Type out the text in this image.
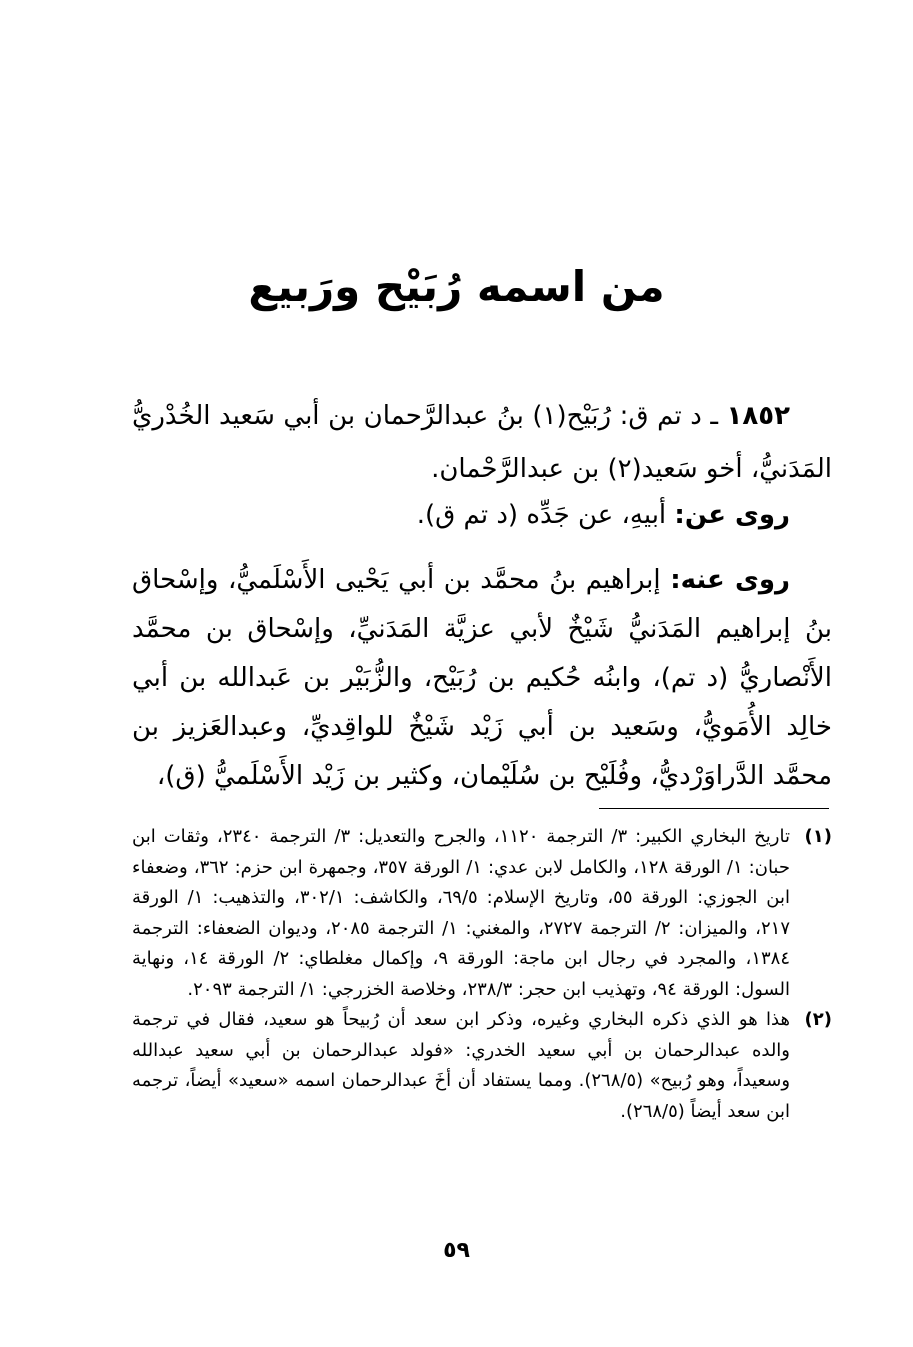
من اسمه رُبَيْح ورَبيع
١٨٥٢ ـ د تم ق: رُبَيْح(١) بنُ عبدالرَّحمان بن أبي سَعيد الخُدْريُّ المَدَنيُّ، أخو سَعيد(٢) بن عبدالرَّحْمان.
روى عن: أبيهِ، عن جَدِّه (د تم ق).
روى عنه: إبراهيم بنُ محمَّد بن أبي يَحْيى الأَسْلَميُّ، وإسْحاق بنُ إبراهيم المَدَنيُّ شَيْخٌ لأبي عزيَّة المَدَنيِّ، وإسْحاق بن محمَّد الأَنْصاريُّ (د تم)، وابنُه حُكيم بن رُبَيْح، والزُّبَيْر بن عَبدالله بن أبي خالِد الأُمَويُّ، وسَعيد بن أبي زَيْد شَيْخٌ للواقِديِّ، وعبدالعَزيز بن محمَّد الدَّراوَرْديُّ، وفُلَيْح بن سُلَيْمان، وكثير بن زَيْد الأَسْلَميُّ (ق)،
(١)
تاريخ البخاري الكبير: ٣/ الترجمة ١١٢٠، والجرح والتعديل: ٣/ الترجمة ٢٣٤٠، وثقات ابن حبان: ١/ الورقة ١٢٨، والكامل لابن عدي: ١/ الورقة ٣٥٧، وجمهرة ابن حزم: ٣٦٢، وضعفاء ابن الجوزي: الورقة ٥٥، وتاريخ الإسلام: ٦٩/٥، والكاشف: ٣٠٢/١، والتذهيب: ١/ الورقة ٢١٧، والميزان: ٢/ الترجمة ٢٧٢٧، والمغني: ١/ الترجمة ٢٠٨٥، وديوان الضعفاء: الترجمة ١٣٨٤، والمجرد في رجال ابن ماجة: الورقة ٩، وإكمال مغلطاي: ٢/ الورقة ١٤، ونهاية السول: الورقة ٩٤، وتهذيب ابن حجر: ٢٣٨/٣، وخلاصة الخزرجي: ١/ الترجمة ٢٠٩٣.
(٢)
هذا هو الذي ذكره البخاري وغيره، وذكر ابن سعد أن رُبيحاً هو سعيد، فقال في ترجمة والده عبدالرحمان بن أبي سعيد الخدري: «فولد عبدالرحمان بن أبي سعيد عبدالله وسعيداً، وهو رُبيح» (٢٦٨/٥). ومما يستفاد أن أخَ عبدالرحمان اسمه «سعيد» أيضاً، ترجمه ابن سعد أيضاً (٢٦٨/٥).
٥٩
